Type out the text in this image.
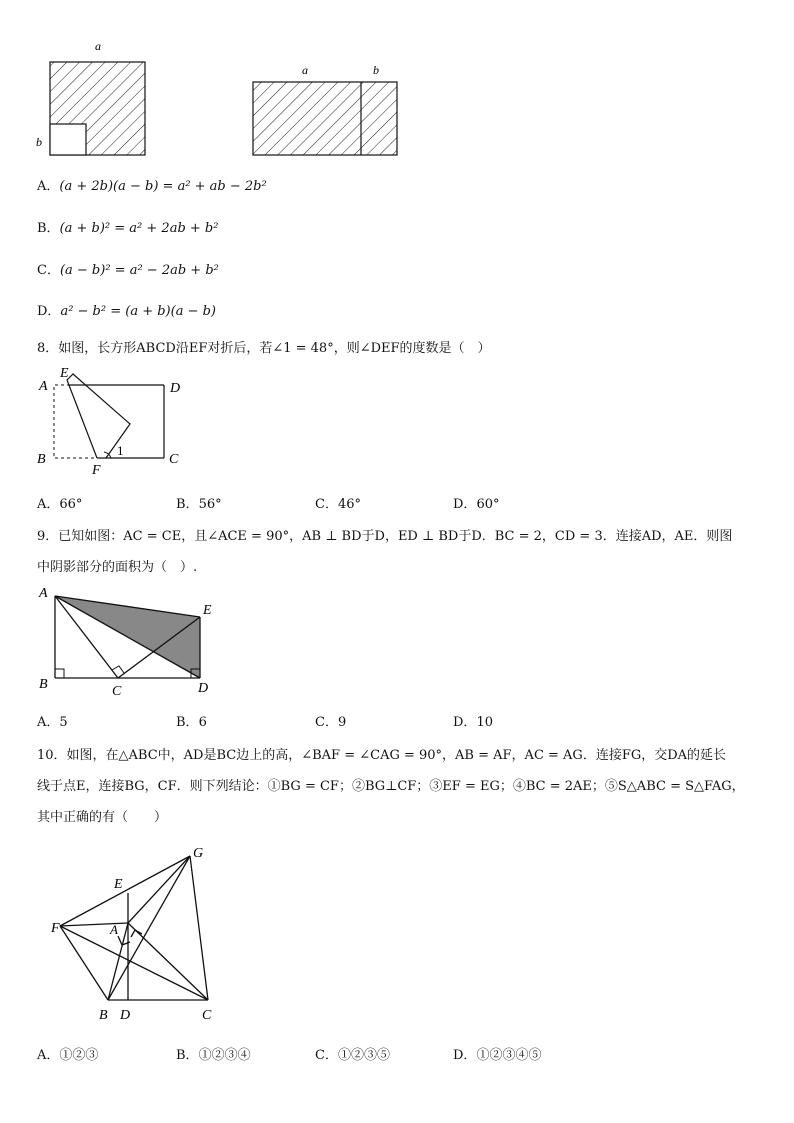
a
b
a	b
A．(a + 2b)(a − b) = a² + ab − 2b²
B．(a + b)² = a² + 2ab + b²
C．(a − b)² = a² − 2ab + b²
D．a² − b² = (a + b)(a − b)
8．如图，长方形ABCD沿EF对折后，若∠1 = 48°，则∠DEF的度数是（　）
E
A	D
B	C
F
1
A．66°	B．56°	C．46°	D．60°
9．已知如图：AC = CE，且∠ACE = 90°，AB ⊥ BD于D，ED ⊥ BD于D．BC = 2，CD = 3．连接AD，AE．则图
中阴影部分的面积为（　）.
A
E
B	C	D
A．5	B．6	C．9	D．10
10．如图，在△ABC中，AD是BC边上的高，∠BAF = ∠CAG = 90°，AB = AF，AC = AG．连接FG，交DA的延长
线于点E，连接BG，CF．则下列结论：①BG = CF；②BG⊥CF；③EF = EG；④BC = 2AE；⑤S△ABC = S△FAG，
其中正确的有（　　）
G
E
F	A
B D	C
A．①②③	B．①②③④	C．①②③⑤	D．①②③④⑤
